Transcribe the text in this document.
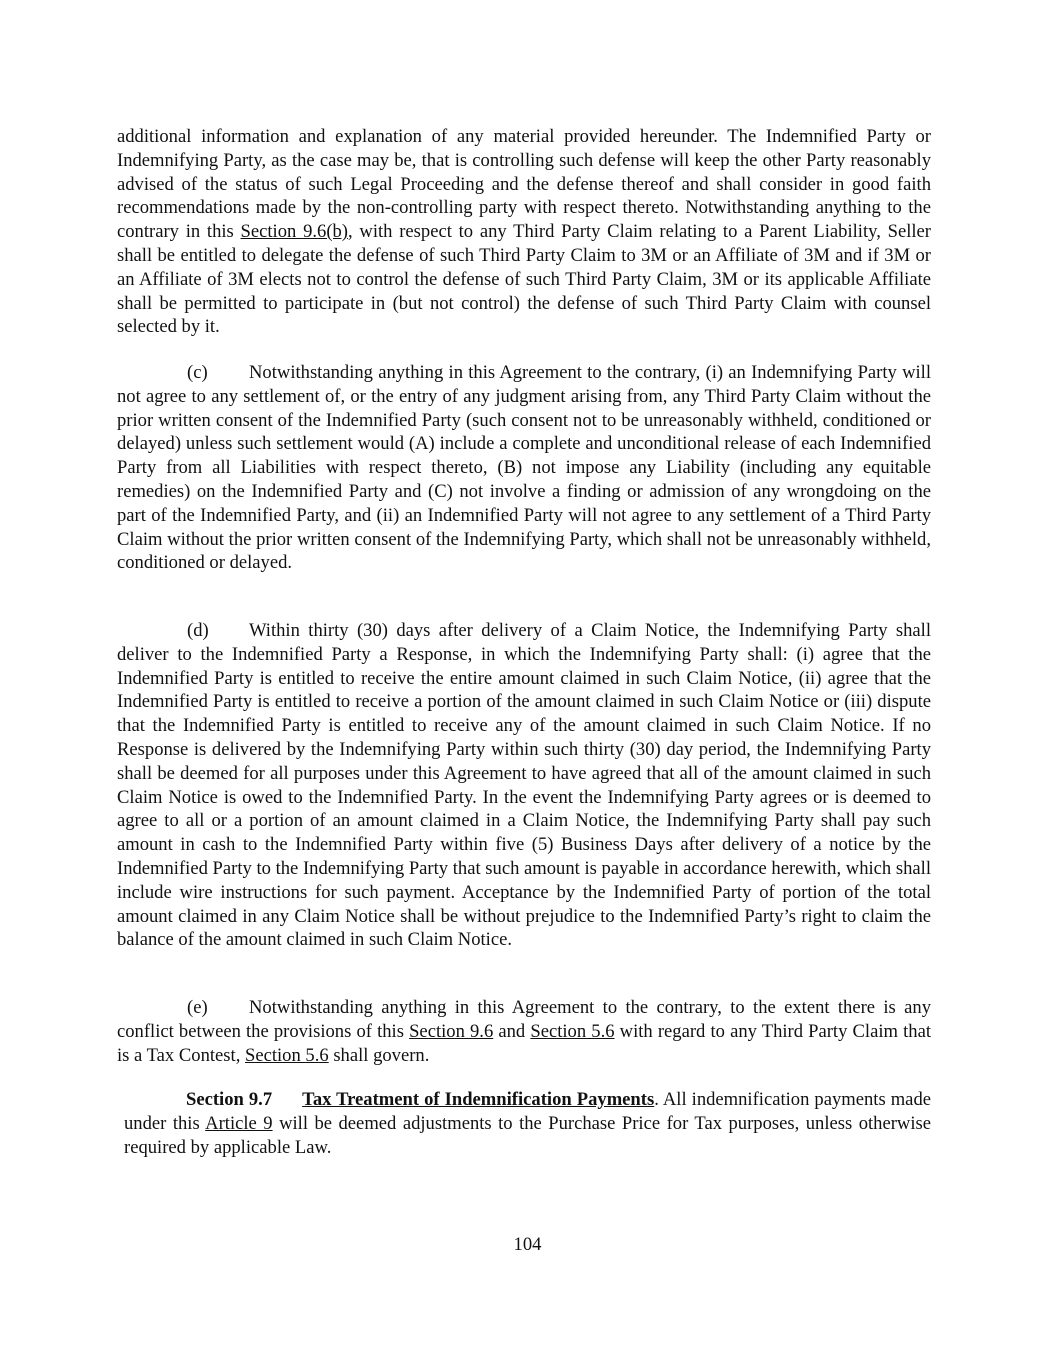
additional information and explanation of any material provided hereunder. The Indemnified Party or Indemnifying Party, as the case may be, that is controlling such defense will keep the other Party reasonably advised of the status of such Legal Proceeding and the defense thereof and shall consider in good faith recommendations made by the non-controlling party with respect thereto. Notwithstanding anything to the contrary in this Section 9.6(b), with respect to any Third Party Claim relating to a Parent Liability, Seller shall be entitled to delegate the defense of such Third Party Claim to 3M or an Affiliate of 3M and if 3M or an Affiliate of 3M elects not to control the defense of such Third Party Claim, 3M or its applicable Affiliate shall be permitted to participate in (but not control) the defense of such Third Party Claim with counsel selected by it.

(c) Notwithstanding anything in this Agreement to the contrary, (i) an Indemnifying Party will not agree to any settlement of, or the entry of any judgment arising from, any Third Party Claim without the prior written consent of the Indemnified Party (such consent not to be unreasonably withheld, conditioned or delayed) unless such settlement would (A) include a complete and unconditional release of each Indemnified Party from all Liabilities with respect thereto, (B) not impose any Liability (including any equitable remedies) on the Indemnified Party and (C) not involve a finding or admission of any wrongdoing on the part of the Indemnified Party, and (ii) an Indemnified Party will not agree to any settlement of a Third Party Claim without the prior written consent of the Indemnifying Party, which shall not be unreasonably withheld, conditioned or delayed.

(d) Within thirty (30) days after delivery of a Claim Notice, the Indemnifying Party shall deliver to the Indemnified Party a Response, in which the Indemnifying Party shall: (i) agree that the Indemnified Party is entitled to receive the entire amount claimed in such Claim Notice, (ii) agree that the Indemnified Party is entitled to receive a portion of the amount claimed in such Claim Notice or (iii) dispute that the Indemnified Party is entitled to receive any of the amount claimed in such Claim Notice. If no Response is delivered by the Indemnifying Party within such thirty (30) day period, the Indemnifying Party shall be deemed for all purposes under this Agreement to have agreed that all of the amount claimed in such Claim Notice is owed to the Indemnified Party. In the event the Indemnifying Party agrees or is deemed to agree to all or a portion of an amount claimed in a Claim Notice, the Indemnifying Party shall pay such amount in cash to the Indemnified Party within five (5) Business Days after delivery of a notice by the Indemnified Party to the Indemnifying Party that such amount is payable in accordance herewith, which shall include wire instructions for such payment. Acceptance by the Indemnified Party of portion of the total amount claimed in any Claim Notice shall be without prejudice to the Indemnified Party’s right to claim the balance of the amount claimed in such Claim Notice.

(e) Notwithstanding anything in this Agreement to the contrary, to the extent there is any conflict between the provisions of this Section 9.6 and Section 5.6 with regard to any Third Party Claim that is a Tax Contest, Section 5.6 shall govern.

Section 9.7 Tax Treatment of Indemnification Payments. All indemnification payments made under this Article 9 will be deemed adjustments to the Purchase Price for Tax purposes, unless otherwise required by applicable Law.
104
